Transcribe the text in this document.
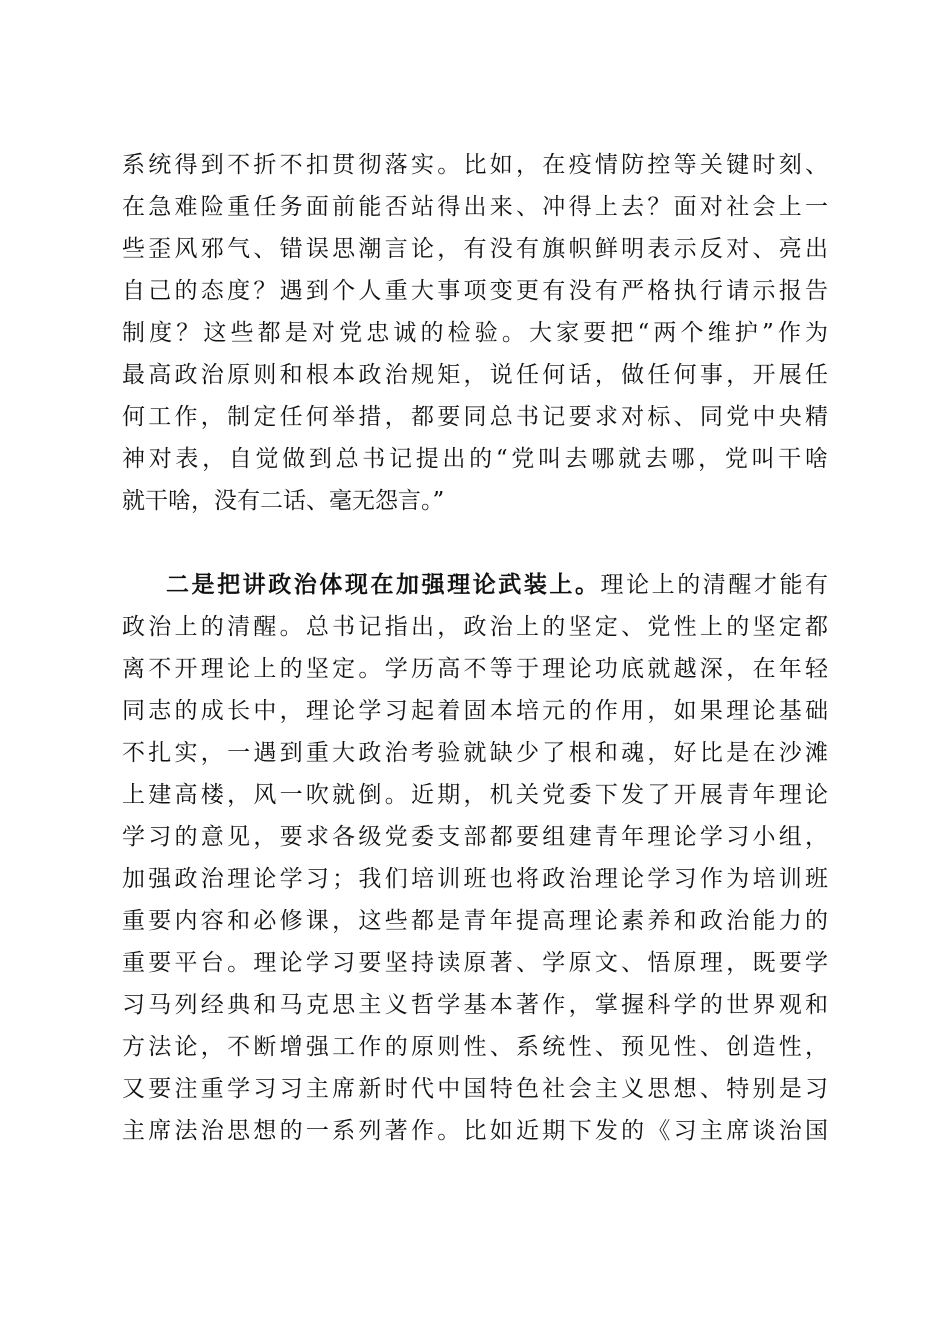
系统得到不折不扣贯彻落实。比如，在疫情防控等关键时刻、
在急难险重任务面前能否站得出来、冲得上去？面对社会上一
些歪风邪气、错误思潮言论，有没有旗帜鲜明表示反对、亮出
自己的态度？遇到个人重大事项变更有没有严格执行请示报告
制度？这些都是对党忠诚的检验。大家要把“两个维护”作为
最高政治原则和根本政治规矩，说任何话，做任何事，开展任
何工作，制定任何举措，都要同总书记要求对标、同党中央精
神对表，自觉做到总书记提出的“党叫去哪就去哪，党叫干啥
就干啥，没有二话、毫无怨言。”
二是把讲政治体现在加强理论武装上。理论上的清醒才能有
政治上的清醒。总书记指出，政治上的坚定、党性上的坚定都
离不开理论上的坚定。学历高不等于理论功底就越深，在年轻
同志的成长中，理论学习起着固本培元的作用，如果理论基础
不扎实，一遇到重大政治考验就缺少了根和魂，好比是在沙滩
上建高楼，风一吹就倒。近期，机关党委下发了开展青年理论
学习的意见，要求各级党委支部都要组建青年理论学习小组，
加强政治理论学习；我们培训班也将政治理论学习作为培训班
重要内容和必修课，这些都是青年提高理论素养和政治能力的
重要平台。理论学习要坚持读原著、学原文、悟原理，既要学
习马列经典和马克思主义哲学基本著作，掌握科学的世界观和
方法论，不断增强工作的原则性、系统性、预见性、创造性，
又要注重学习习主席新时代中国特色社会主义思想、特别是习
主席法治思想的一系列著作。比如近期下发的《习主席谈治国
